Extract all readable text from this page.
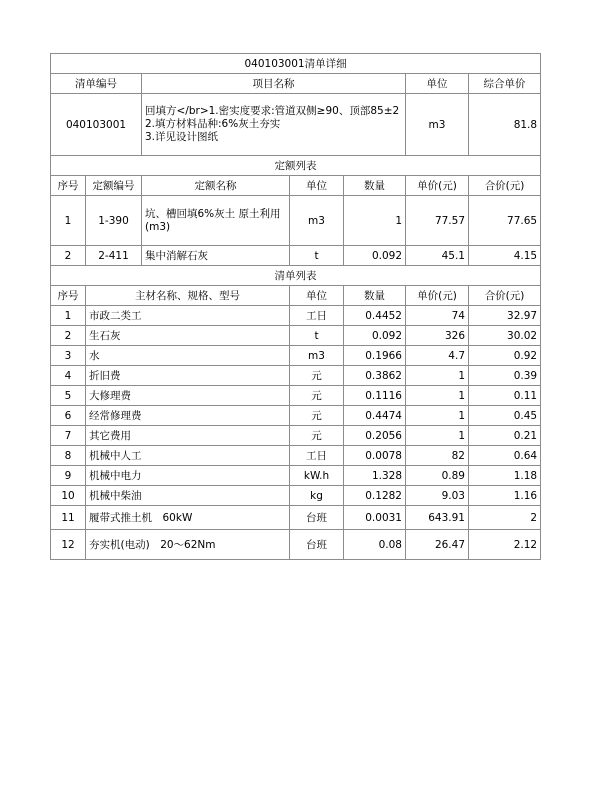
040103001清单详细						
清单编号		项目名称			单位	综合单价
040103001		回填方</br>1.密实度要求:管道双侧≥90、顶部85±2
2.填方材料品种:6%灰土夯实
3.详见设计图纸			m3	81.8
定额列表						
序号	定额编号	定额名称	单位	数量	单价(元)	合价(元)
1	1-390	坑、槽回填6%灰土 原土利用(m3)	m3	1	77.57	77.65
2	2-411	集中消解石灰	t	0.092	45.1	4.15
清单列表						
序号	主材名称、规格、型号		单位	数量	单价(元)	合价(元)
1	市政二类工		工日	0.4452	74	32.97
2	生石灰		t	0.092	326	30.02
3	水		m3	0.1966	4.7	0.92
4	折旧费		元	0.3862	1	0.39
5	大修理费		元	0.1116	1	0.11
6	经常修理费		元	0.4474	1	0.45
7	其它费用		元	0.2056	1	0.21
8	机械中人工		工日	0.0078	82	0.64
9	机械中电力		kW.h	1.328	0.89	1.18
10	机械中柴油		kg	0.1282	9.03	1.16
11	履带式推土机　60kW		台班	0.0031	643.91	2
12	夯实机(电动)　20～62Nm		台班	0.08	26.47	2.12
